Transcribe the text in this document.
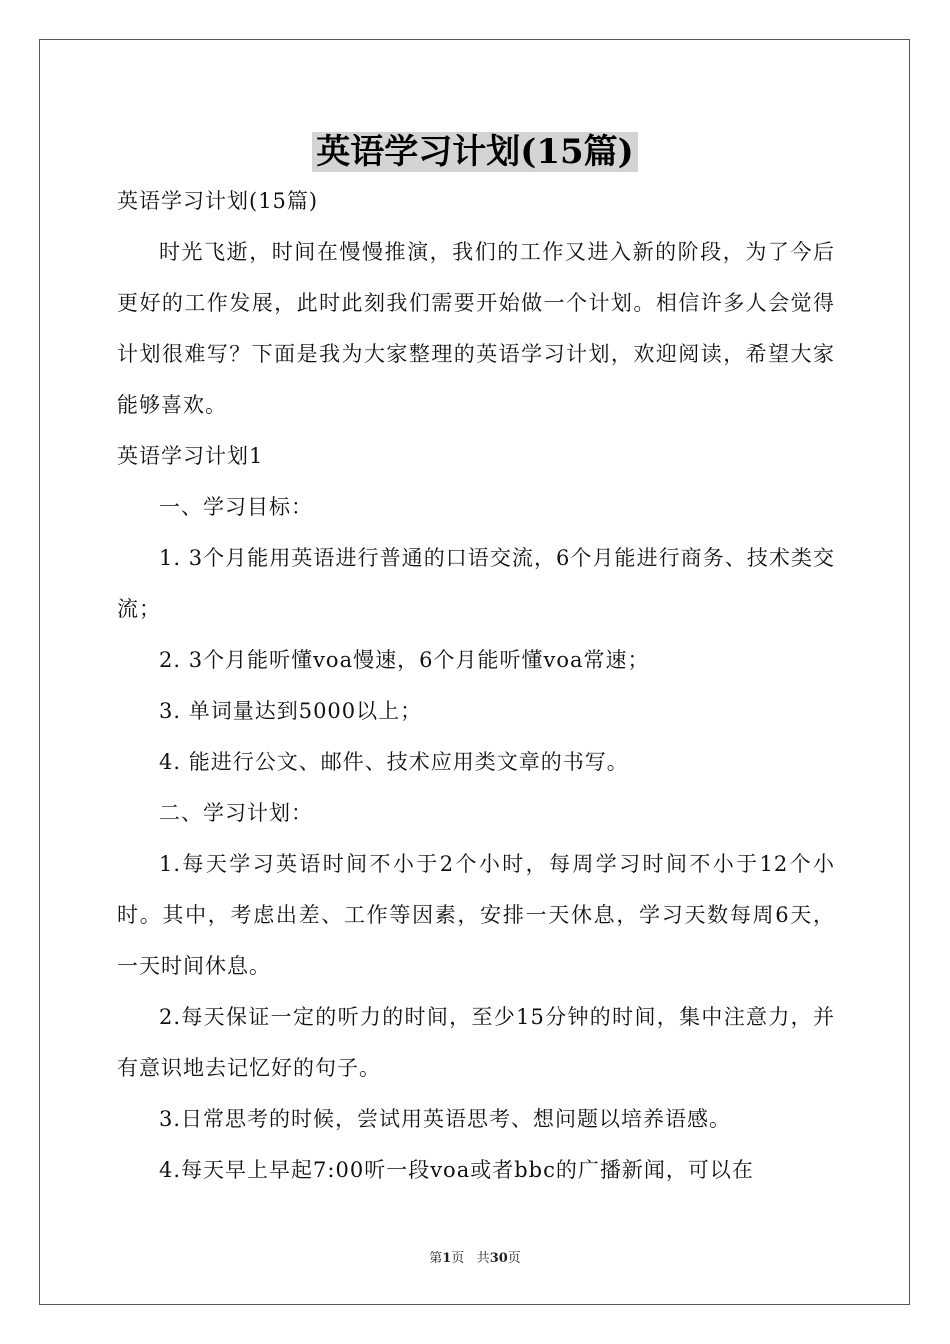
英语学习计划(15篇)

英语学习计划(15篇)

时光飞逝，时间在慢慢推演，我们的工作又进入新的阶段，为了今后更好的工作发展，此时此刻我们需要开始做一个计划。相信许多人会觉得计划很难写？下面是我为大家整理的英语学习计划，欢迎阅读，希望大家能够喜欢。

英语学习计划1

一、学习目标：

1. 3个月能用英语进行普通的口语交流，6个月能进行商务、技术类交流；

2. 3个月能听懂voa慢速，6个月能听懂voa常速；

3. 单词量达到5000以上；

4. 能进行公文、邮件、技术应用类文章的书写。

二、学习计划：

1.每天学习英语时间不小于2个小时，每周学习时间不小于12个小时。其中，考虑出差、工作等因素，安排一天休息，学习天数每周6天，一天时间休息。

2.每天保证一定的听力的时间，至少15分钟的时间，集中注意力，并有意识地去记忆好的句子。

3.日常思考的时候，尝试用英语思考、想问题以培养语感。

4.每天早上早起7:00听一段voa或者bbc的广播新闻，可以在

第1页 共30页
